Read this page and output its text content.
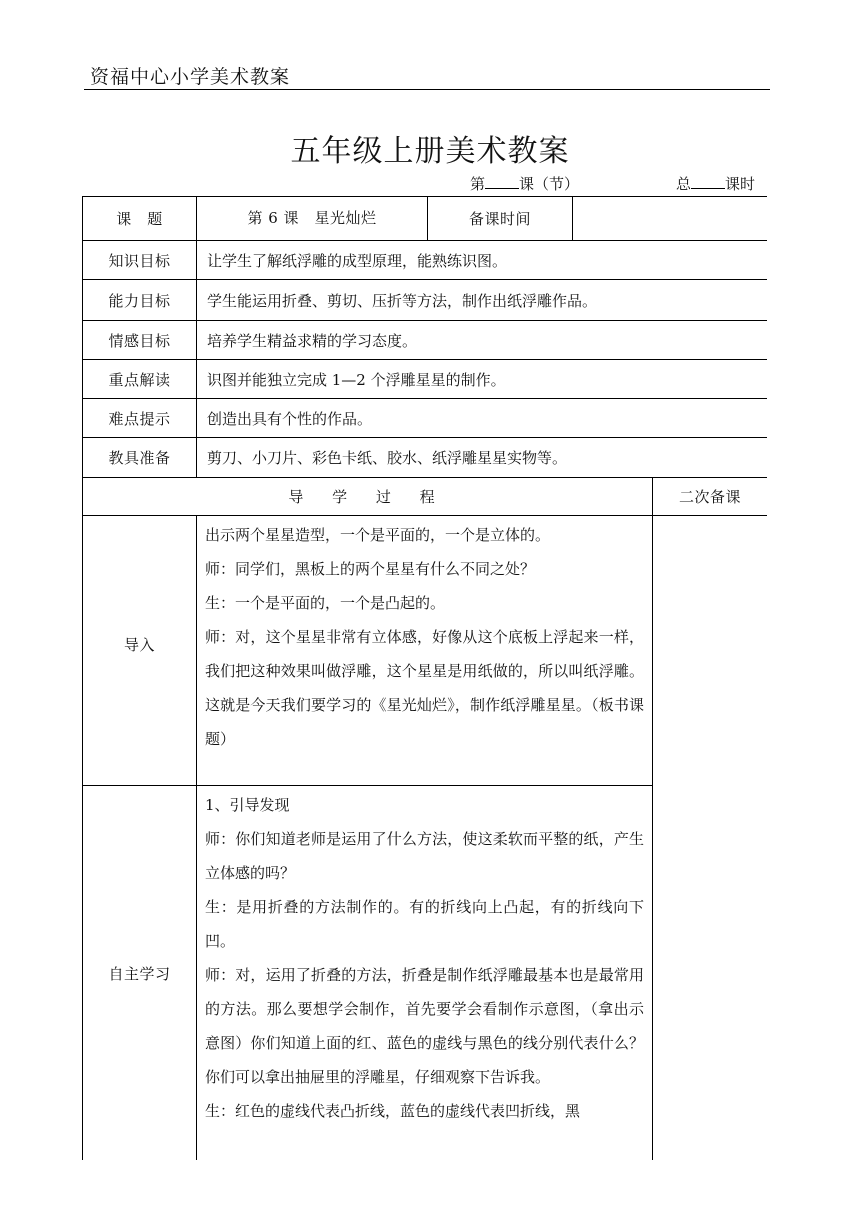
资福中心小学美术教案
五年级上册美术教案
第 课（节）	总 课时
课　题	第 6 课　星光灿烂	备课时间		
知识目标	让学生了解纸浮雕的成型原理，能熟练识图。			
能力目标	学生能运用折叠、剪切、压折等方法，制作出纸浮雕作品。			
情感目标	培养学生精益求精的学习态度。			
重点解读	识图并能独立完成 1—2 个浮雕星星的制作。			
难点提示	创造出具有个性的作品。			
教具准备	剪刀、小刀片、彩色卡纸、胶水、纸浮雕星星实物等。			
导 学 过 程				二次备课
导入	出示两个星星造型，一个是平面的，一个是立体的。

师：同学们，黑板上的两个星星有什么不同之处？

生：一个是平面的，一个是凸起的。

师：对，这个星星非常有立体感，好像从这个底板上浮起来一样，我们把这种效果叫做浮雕，这个星星是用纸做的，所以叫纸浮雕。这就是今天我们要学习的《星光灿烂》，制作纸浮雕星星。（板书课题）			

自主学习	1、引导发现

师：你们知道老师是运用了什么方法，使这柔软而平整的纸，产生立体感的吗？

生：是用折叠的方法制作的。有的折线向上凸起，有的折线向下凹。

师：对，运用了折叠的方法，折叠是制作纸浮雕最基本也是最常用的方法。那么要想学会制作，首先要学会看制作示意图，（拿出示意图）你们知道上面的红、蓝色的虚线与黑色的线分别代表什么？你们可以拿出抽屉里的浮雕星，仔细观察下告诉我。

生：红色的虚线代表凸折线，蓝色的虚线代表凹折线，黑			
